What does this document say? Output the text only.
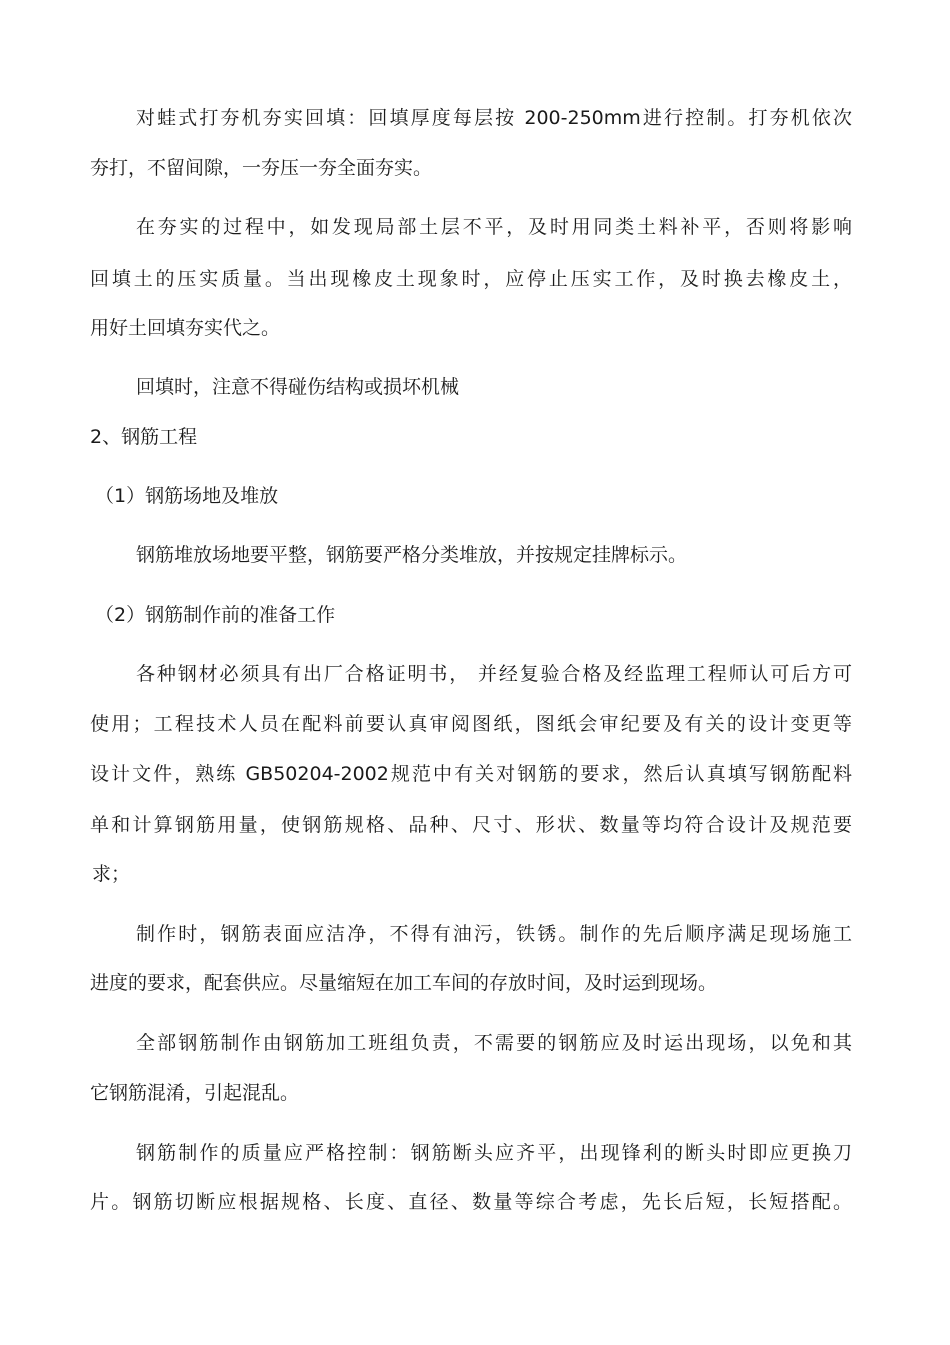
对蛙式打夯机夯实回填：回填厚度每层按 200-250mm进行控制。打夯机依次
夯打，不留间隙，一夯压一夯全面夯实。
在夯实的过程中，如发现局部土层不平，及时用同类土料补平，否则将影响
回填土的压实质量。当出现橡皮土现象时，应停止压实工作，及时换去橡皮土，
用好土回填夯实代之。
回填时，注意不得碰伤结构或损坏机械
2、钢筋工程
（1）钢筋场地及堆放
钢筋堆放场地要平整，钢筋要严格分类堆放，并按规定挂牌标示。
（2）钢筋制作前的准备工作
各种钢材必须具有出厂合格证明书， 并经复验合格及经监理工程师认可后方可
使用；工程技术人员在配料前要认真审阅图纸，图纸会审纪要及有关的设计变更等
设计文件，熟练 GB50204-2002规范中有关对钢筋的要求，然后认真填写钢筋配料
单和计算钢筋用量，使钢筋规格、品种、尺寸、形状、数量等均符合设计及规范要
求；
制作时，钢筋表面应洁净，不得有油污，铁锈。制作的先后顺序满足现场施工
进度的要求，配套供应。尽量缩短在加工车间的存放时间，及时运到现场。
全部钢筋制作由钢筋加工班组负责，不需要的钢筋应及时运出现场，以免和其
它钢筋混淆，引起混乱。
钢筋制作的质量应严格控制：钢筋断头应齐平，出现锋利的断头时即应更换刀
片。钢筋切断应根据规格、长度、直径、数量等综合考虑，先长后短，长短搭配。
